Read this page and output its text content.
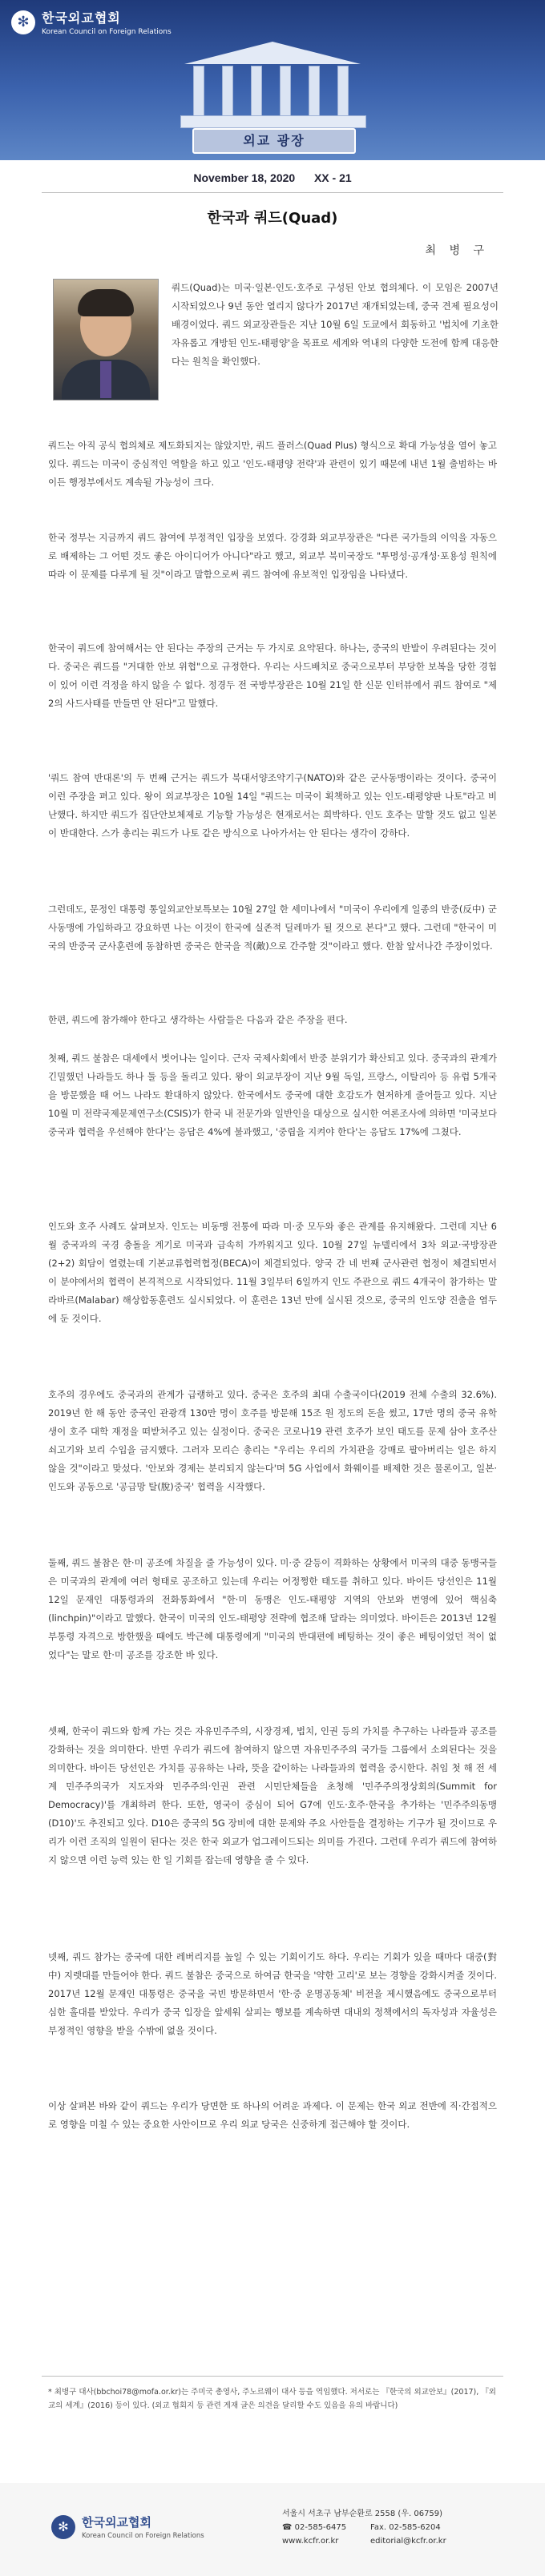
✻ 한국외교협회
Korean Council on Foreign Relations
외교 광장
November 18, 2020 XX - 21
한국과 쿼드(Quad)
최 병 구

쿼드(Quad)는 미국·일본·인도·호주로 구성된 안보 협의체다. 이 모임은 2007년 시작되었으나 9년 동안 열리지 않다가 2017년 재개되었는데, 중국 견제 필요성이 배경이었다. 쿼드 외교장관들은 지난 10월 6일 도쿄에서 회동하고 '법치에 기초한 자유롭고 개방된 인도-태평양'을 목표로 세계와 역내의 다양한 도전에 함께 대응한다는 원칙을 확인했다.

쿼드는 아직 공식 협의체로 제도화되지는 않았지만, 쿼드 플러스(Quad Plus) 형식으로 확대 가능성을 열어 놓고 있다. 쿼드는 미국이 중심적인 역할을 하고 있고 '인도-태평양 전략'과 관련이 있기 때문에 내년 1월 출범하는 바이든 행정부에서도 계속될 가능성이 크다.

한국 정부는 지금까지 쿼드 참여에 부정적인 입장을 보였다. 강경화 외교부장관은 "다른 국가들의 이익을 자동으로 배제하는 그 어떤 것도 좋은 아이디어가 아니다"라고 했고, 외교부 북미국장도 "투명성·공개성·포용성 원칙에 따라 이 문제를 다루게 될 것"이라고 말함으로써 쿼드 참여에 유보적인 입장임을 나타냈다.

한국이 쿼드에 참여해서는 안 된다는 주장의 근거는 두 가지로 요약된다. 하나는, 중국의 반발이 우려된다는 것이다. 중국은 쿼드를 "거대한 안보 위협"으로 규정한다. 우리는 사드배치로 중국으로부터 부당한 보복을 당한 경험이 있어 이런 걱정을 하지 않을 수 없다. 정경두 전 국방부장관은 10월 21일 한 신문 인터뷰에서 쿼드 참여로 "제2의 사드사태를 만들면 안 된다"고 말했다.

'쿼드 참여 반대론'의 두 번째 근거는 쿼드가 북대서양조약기구(NATO)와 같은 군사동맹이라는 것이다. 중국이 이런 주장을 펴고 있다. 왕이 외교부장은 10월 14일 "쿼드는 미국이 획책하고 있는 인도-태평양판 나토"라고 비난했다. 하지만 쿼드가 집단안보체제로 기능할 가능성은 현재로서는 희박하다. 인도 호주는 말할 것도 없고 일본이 반대한다. 스가 총리는 쿼드가 나토 같은 방식으로 나아가서는 안 된다는 생각이 강하다.

그런데도, 문정인 대통령 통일외교안보특보는 10월 27일 한 세미나에서 "미국이 우리에게 일종의 반중(反中) 군사동맹에 가입하라고 강요하면 나는 이것이 한국에 실존적 딜레마가 될 것으로 본다"고 했다. 그런데 "한국이 미국의 반중국 군사훈련에 동참하면 중국은 한국을 적(敵)으로 간주할 것"이라고 했다. 한참 앞서나간 주장이었다.

한편, 쿼드에 참가해야 한다고 생각하는 사람들은 다음과 같은 주장을 편다.

첫째, 쿼드 불참은 대세에서 벗어나는 일이다. 근자 국제사회에서 반중 분위기가 확산되고 있다. 중국과의 관계가 긴밀했던 나라들도 하나 둘 등을 돌리고 있다. 왕이 외교부장이 지난 9월 독일, 프랑스, 이탈리아 등 유럽 5개국을 방문했을 때 어느 나라도 환대하지 않았다. 한국에서도 중국에 대한 호감도가 현저하게 줄어들고 있다. 지난 10월 미 전략국제문제연구소(CSIS)가 한국 내 전문가와 일반인을 대상으로 실시한 여론조사에 의하면 '미국보다 중국과 협력을 우선해야 한다'는 응답은 4%에 불과했고, '중립을 지켜야 한다'는 응답도 17%에 그쳤다.

인도와 호주 사례도 살펴보자. 인도는 비동맹 전통에 따라 미·중 모두와 좋은 관계를 유지해왔다. 그런데 지난 6월 중국과의 국경 충돌을 계기로 미국과 급속히 가까워지고 있다. 10월 27일 뉴델리에서 3차 외교·국방장관(2+2) 회담이 열렸는데 기본교류협력협정(BECA)이 체결되었다. 양국 간 네 번째 군사관련 협정이 체결되면서 이 분야에서의 협력이 본격적으로 시작되었다. 11월 3일부터 6일까지 인도 주관으로 쿼드 4개국이 참가하는 말라바르(Malabar) 해상합동훈련도 실시되었다. 이 훈련은 13년 만에 실시된 것으로, 중국의 인도양 진출을 염두에 둔 것이다.

호주의 경우에도 중국과의 관계가 급랭하고 있다. 중국은 호주의 최대 수출국이다(2019 전체 수출의 32.6%). 2019년 한 해 동안 중국인 관광객 130만 명이 호주를 방문해 15조 원 정도의 돈을 썼고, 17만 명의 중국 유학생이 호주 대학 재정을 떠받쳐주고 있는 실정이다. 중국은 코로나19 관련 호주가 보인 태도를 문제 삼아 호주산 쇠고기와 보리 수입을 금지했다. 그러자 모리슨 총리는 "우리는 우리의 가치관을 강매로 팔아버리는 일은 하지 않을 것"이라고 맞섰다. '안보와 경제는 분리되지 않는다'며 5G 사업에서 화웨이를 배제한 것은 물론이고, 일본·인도와 공동으로 '공급망 탈(脫)중국' 협력을 시작했다.

둘째, 쿼드 불참은 한·미 공조에 차질을 줄 가능성이 있다. 미·중 갈등이 격화하는 상황에서 미국의 대중 동맹국들은 미국과의 관계에 여러 형태로 공조하고 있는데 우리는 어정쩡한 태도를 취하고 있다. 바이든 당선인은 11월 12일 문재인 대통령과의 전화통화에서 "한·미 동맹은 인도-태평양 지역의 안보와 번영에 있어 핵심축(linchpin)"이라고 말했다. 한국이 미국의 인도-태평양 전략에 협조해 달라는 의미였다. 바이든은 2013년 12월 부통령 자격으로 방한했을 때에도 박근혜 대통령에게 "미국의 반대편에 베팅하는 것이 좋은 베팅이었던 적이 없었다"는 말로 한·미 공조를 강조한 바 있다.

셋째, 한국이 쿼드와 함께 가는 것은 자유민주주의, 시장경제, 법치, 인권 등의 가치를 추구하는 나라들과 공조를 강화하는 것을 의미한다. 반면 우리가 쿼드에 참여하지 않으면 자유민주주의 국가들 그룹에서 소외된다는 것을 의미한다. 바이든 당선인은 가치를 공유하는 나라, 뜻을 같이하는 나라들과의 협력을 중시한다. 취임 첫 해 전 세계 민주주의국가 지도자와 민주주의·인권 관련 시민단체들을 초청해 '민주주의정상회의(Summit for Democracy)'를 개최하려 한다. 또한, 영국이 중심이 되어 G7에 인도·호주·한국을 추가하는 '민주주의동맹(D10)'도 추진되고 있다. D10은 중국의 5G 장비에 대한 문제와 주요 사안들을 결정하는 기구가 될 것이므로 우리가 이런 조직의 일원이 된다는 것은 한국 외교가 업그레이드되는 의미를 가진다. 그런데 우리가 쿼드에 참여하지 않으면 이런 능력 있는 한 일 기회를 잡는데 영향을 줄 수 있다.

넷째, 쿼드 참가는 중국에 대한 레버리지를 높일 수 있는 기회이기도 하다. 우리는 기회가 있을 때마다 대중(對中) 지렛대를 만들어야 한다. 쿼드 불참은 중국으로 하여금 한국을 '약한 고리'로 보는 경향을 강화시켜줄 것이다. 2017년 12월 문재인 대통령은 중국을 국빈 방문하면서 '한·중 운명공동체' 비전을 제시했음에도 중국으로부터 심한 홀대를 받았다. 우리가 중국 입장을 앞세워 살피는 행보를 계속하면 대내외 정책에서의 독자성과 자율성은 부정적인 영향을 받을 수밖에 없을 것이다.

이상 살펴본 바와 같이 쿼드는 우리가 당면한 또 하나의 어려운 과제다. 이 문제는 한국 외교 전반에 직·간접적으로 영향을 미칠 수 있는 중요한 사안이므로 우리 외교 당국은 신중하게 접근해야 할 것이다.

* 최병구 대사(bbchoi78@mofa.or.kr)는 주미국 총영사, 주노르웨이 대사 등을 역임했다. 저서로는 『한국의 외교안보』(2017), 『외교의 세계』(2016) 등이 있다. (외교 협회지 등 관련 게재 글은 의견을 달리할 수도 있음을 유의 바랍니다)

✻	한국외교협회
Korean Council on Foreign Relations
서울시 서초구 남부순환로 2558 (우. 06759)
☎ 02-585-6475	Fax. 02-585-6204
www.kcfr.or.kr	editorial@kcfr.or.kr
